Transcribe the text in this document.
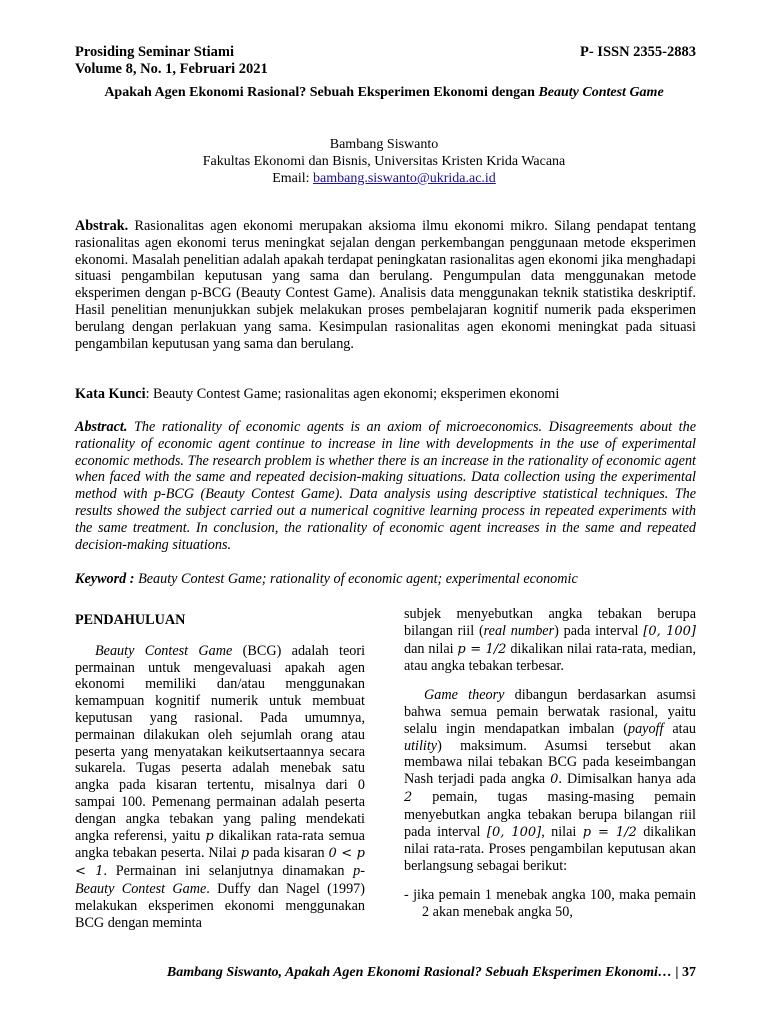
Prosiding Seminar Stiami
Volume 8, No. 1, Februari 2021
P- ISSN 2355-2883
Apakah Agen Ekonomi Rasional? Sebuah Eksperimen Ekonomi dengan Beauty Contest Game
Bambang Siswanto
Fakultas Ekonomi dan Bisnis, Universitas Kristen Krida Wacana
Email: bambang.siswanto@ukrida.ac.id
Abstrak. Rasionalitas agen ekonomi merupakan aksioma ilmu ekonomi mikro. Silang pendapat tentang rasionalitas agen ekonomi terus meningkat sejalan dengan perkembangan penggunaan metode eksperimen ekonomi. Masalah penelitian adalah apakah terdapat peningkatan rasionalitas agen ekonomi jika menghadapi situasi pengambilan keputusan yang sama dan berulang. Pengumpulan data menggunakan metode eksperimen dengan p-BCG (Beauty Contest Game). Analisis data menggunakan teknik statistika deskriptif. Hasil penelitian menunjukkan subjek melakukan proses pembelajaran kognitif numerik pada eksperimen berulang dengan perlakuan yang sama. Kesimpulan rasionalitas agen ekonomi meningkat pada situasi pengambilan keputusan yang sama dan berulang.
Kata Kunci: Beauty Contest Game; rasionalitas agen ekonomi; eksperimen ekonomi
Abstract. The rationality of economic agents is an axiom of microeconomics. Disagreements about the rationality of economic agent continue to increase in line with developments in the use of experimental economic methods. The research problem is whether there is an increase in the rationality of economic agent when faced with the same and repeated decision-making situations. Data collection using the experimental method with p-BCG (Beauty Contest Game). Data analysis using descriptive statistical techniques. The results showed the subject carried out a numerical cognitive learning process in repeated experiments with the same treatment. In conclusion, the rationality of economic agent increases in the same and repeated decision-making situations.
Keyword : Beauty Contest Game; rationality of economic agent; experimental economic
PENDAHULUAN

Beauty Contest Game (BCG) adalah teori permainan untuk mengevaluasi apakah agen ekonomi memiliki dan/atau menggunakan kemampuan kognitif numerik untuk membuat keputusan yang rasional. Pada umumnya, permainan dilakukan oleh sejumlah orang atau peserta yang menyatakan keikutsertaannya secara sukarela. Tugas peserta adalah menebak satu angka pada kisaran tertentu, misalnya dari 0 sampai 100. Pemenang permainan adalah peserta dengan angka tebakan yang paling mendekati angka referensi, yaitu p dikalikan rata-rata semua angka tebakan peserta. Nilai p pada kisaran 0 < p < 1. Permainan ini selanjutnya dinamakan p-Beauty Contest Game. Duffy dan Nagel (1997) melakukan eksperimen ekonomi menggunakan BCG dengan meminta

subjek menyebutkan angka tebakan berupa bilangan riil (real number) pada interval [0, 100] dan nilai p = 1/2 dikalikan nilai rata-rata, median, atau angka tebakan terbesar.

Game theory dibangun berdasarkan asumsi bahwa semua pemain berwatak rasional, yaitu selalu ingin mendapatkan imbalan (payoff atau utility) maksimum. Asumsi tersebut akan membawa nilai tebakan BCG pada keseimbangan Nash terjadi pada angka 0. Dimisalkan hanya ada 2 pemain, tugas masing-masing pemain menyebutkan angka tebakan berupa bilangan riil pada interval [0, 100], nilai p = 1/2 dikalikan nilai rata-rata. Proses pengambilan keputusan akan berlangsung sebagai berikut:

- jika pemain 1 menebak angka 100, maka pemain 2 akan menebak angka 50,
Bambang Siswanto, Apakah Agen Ekonomi Rasional? Sebuah Eksperimen Ekonomi… | 37
